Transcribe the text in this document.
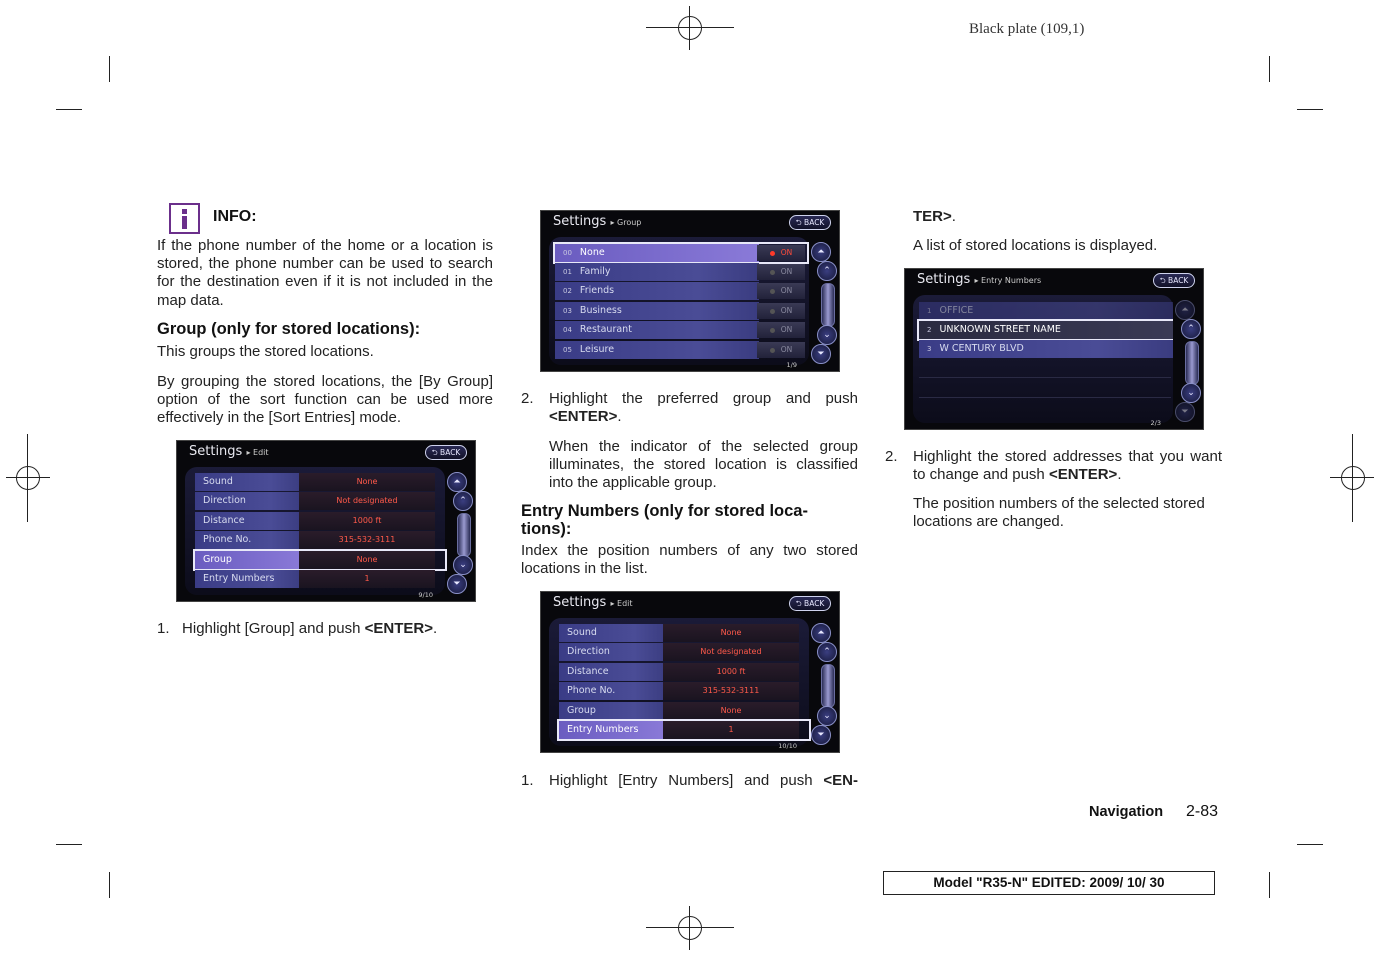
Black plate (109,1)
INFO:
If the phone number of the home or a location is stored, the phone number can be used to search for the destination even if it is not included in the map data.
Group (only for stored locations):
This groups the stored locations.
By grouping the stored locations, the [By Group] option of the sort function can be used more effectively in the [Sort Entries] mode.
Settings ▸ Edit	⮌ BACK
Sound	None
Direction	Not designated
Distance	1000 ft
Phone No.	315-532-3111
Group	None
Entry Numbers	1
⏶
⌃
⌄
⏷
9/10
1. Highlight [Group] and push <ENTER>.
Settings ▸ Group	⮌ BACK
00 None	ON
01 Family	ON
02 Friends	ON
03 Business	ON
04 Restaurant	ON
05 Leisure	ON
⏶
⌃
⌄
⏷
1/9
2. Highlight the preferred group and push <ENTER>.
When the indicator of the selected group illuminates, the stored location is classified into the applicable group.
Entry Numbers (only for stored loca-
tions):
Index the position numbers of any two stored locations in the list.
Settings ▸ Edit	⮌ BACK
Sound	None
Direction	Not designated
Distance	1000 ft
Phone No.	315-532-3111
Group	None
Entry Numbers	1
⏶
⌃
⌄
⏷
10/10
1. Highlight [Entry Numbers] and push <EN-
TER>.
A list of stored locations is displayed.
Settings ▸ Entry Numbers	⮌ BACK
1 OFFICE
2 UNKNOWN STREET NAME
3 W CENTURY BLVD
⏶
⌃
⌄
⏷
2/3
2. Highlight the stored addresses that you want to change and push <ENTER>.
The position numbers of the selected stored locations are changed.
Navigation 2-83
Model "R35-N" EDITED: 2009/ 10/ 30
